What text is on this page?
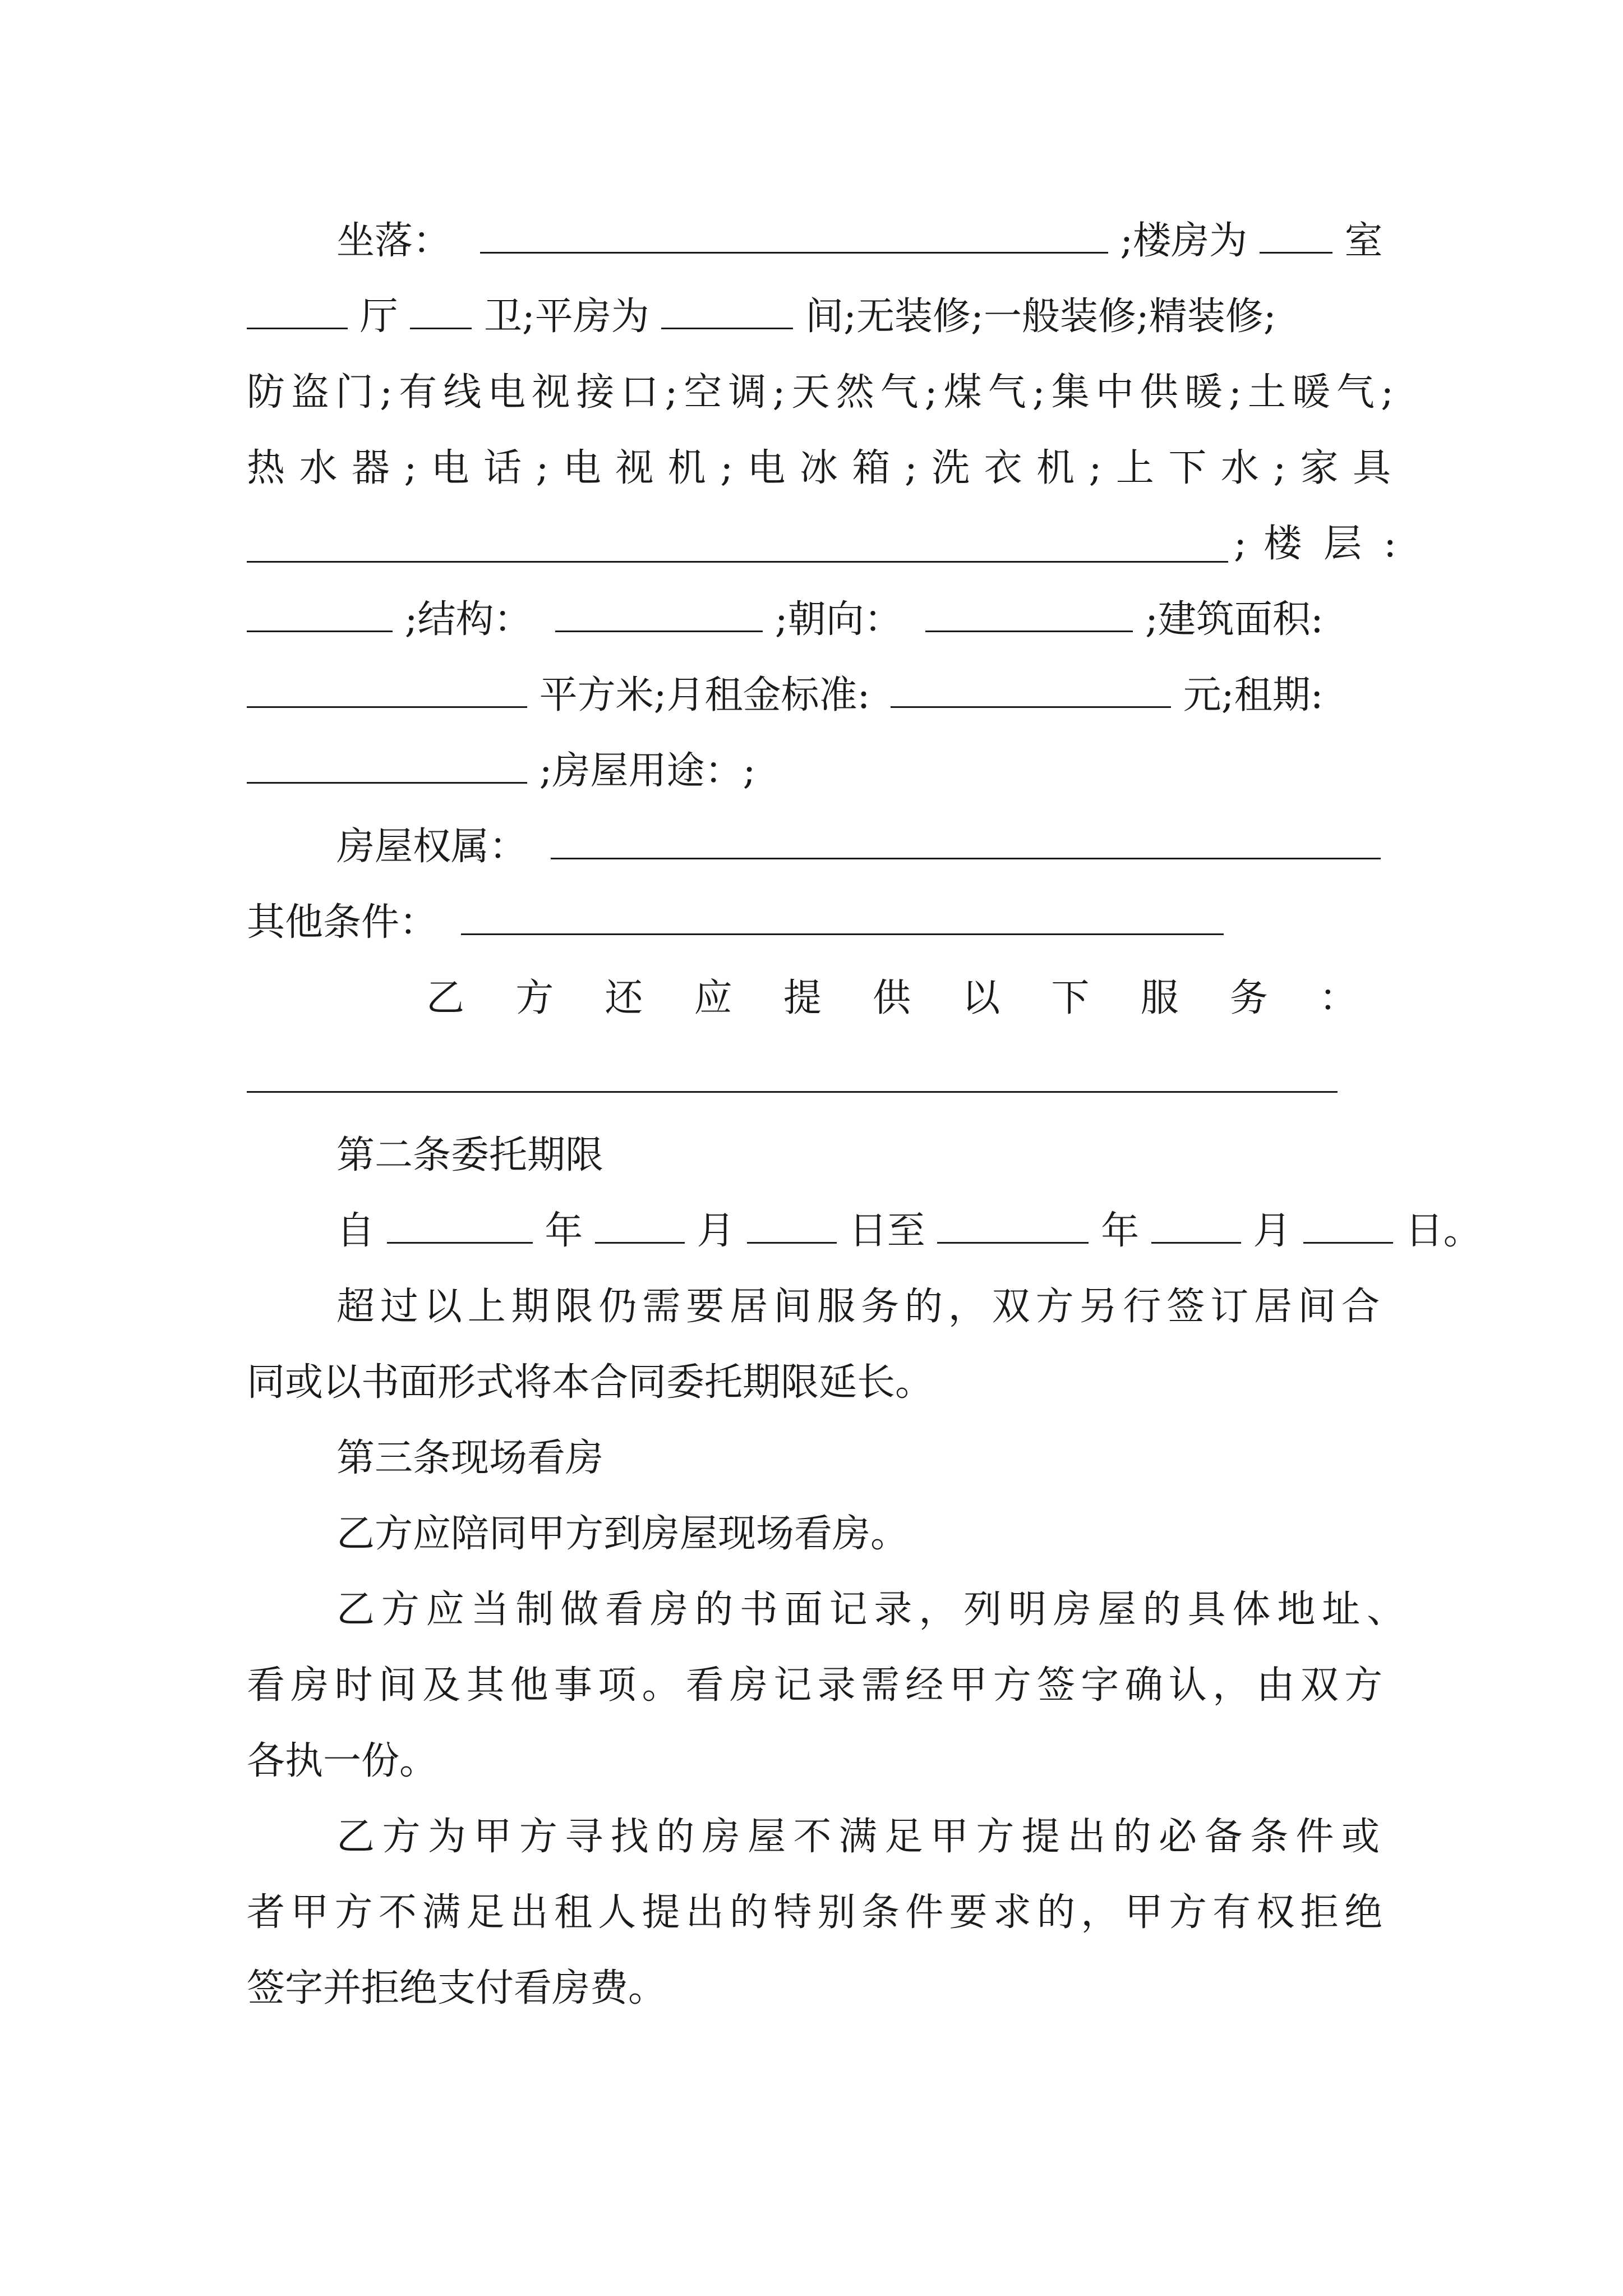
坐落：	;楼房为	室
厅 卫;平房为	间;无装修;一般装修;精装修;
防盗门;有线电视接口;空调;天然气;煤气;集中供暖;土暖气;
热水器;电话;电视机;电冰箱;洗衣机;上下水;家具
; 楼 层 :
;结构：	;朝向：	;建筑面积:
平方米;月租金标准:	元;租期:
;房屋用途：;
房屋权属：
其他条件：
乙方还应提供以下服务：
第二条委托期限
自	年	月	日至	年	月	日。
超过以上期限仍需要居间服务的，双方另行签订居间合
同或以书面形式将本合同委托期限延长。
第三条现场看房
乙方应陪同甲方到房屋现场看房。
乙方应当制做看房的书面记录，列明房屋的具体地址、
看房时间及其他事项。看房记录需经甲方签字确认，由双方
各执一份。
乙方为甲方寻找的房屋不满足甲方提出的必备条件或
者甲方不满足出租人提出的特别条件要求的，甲方有权拒绝
签字并拒绝支付看房费。
